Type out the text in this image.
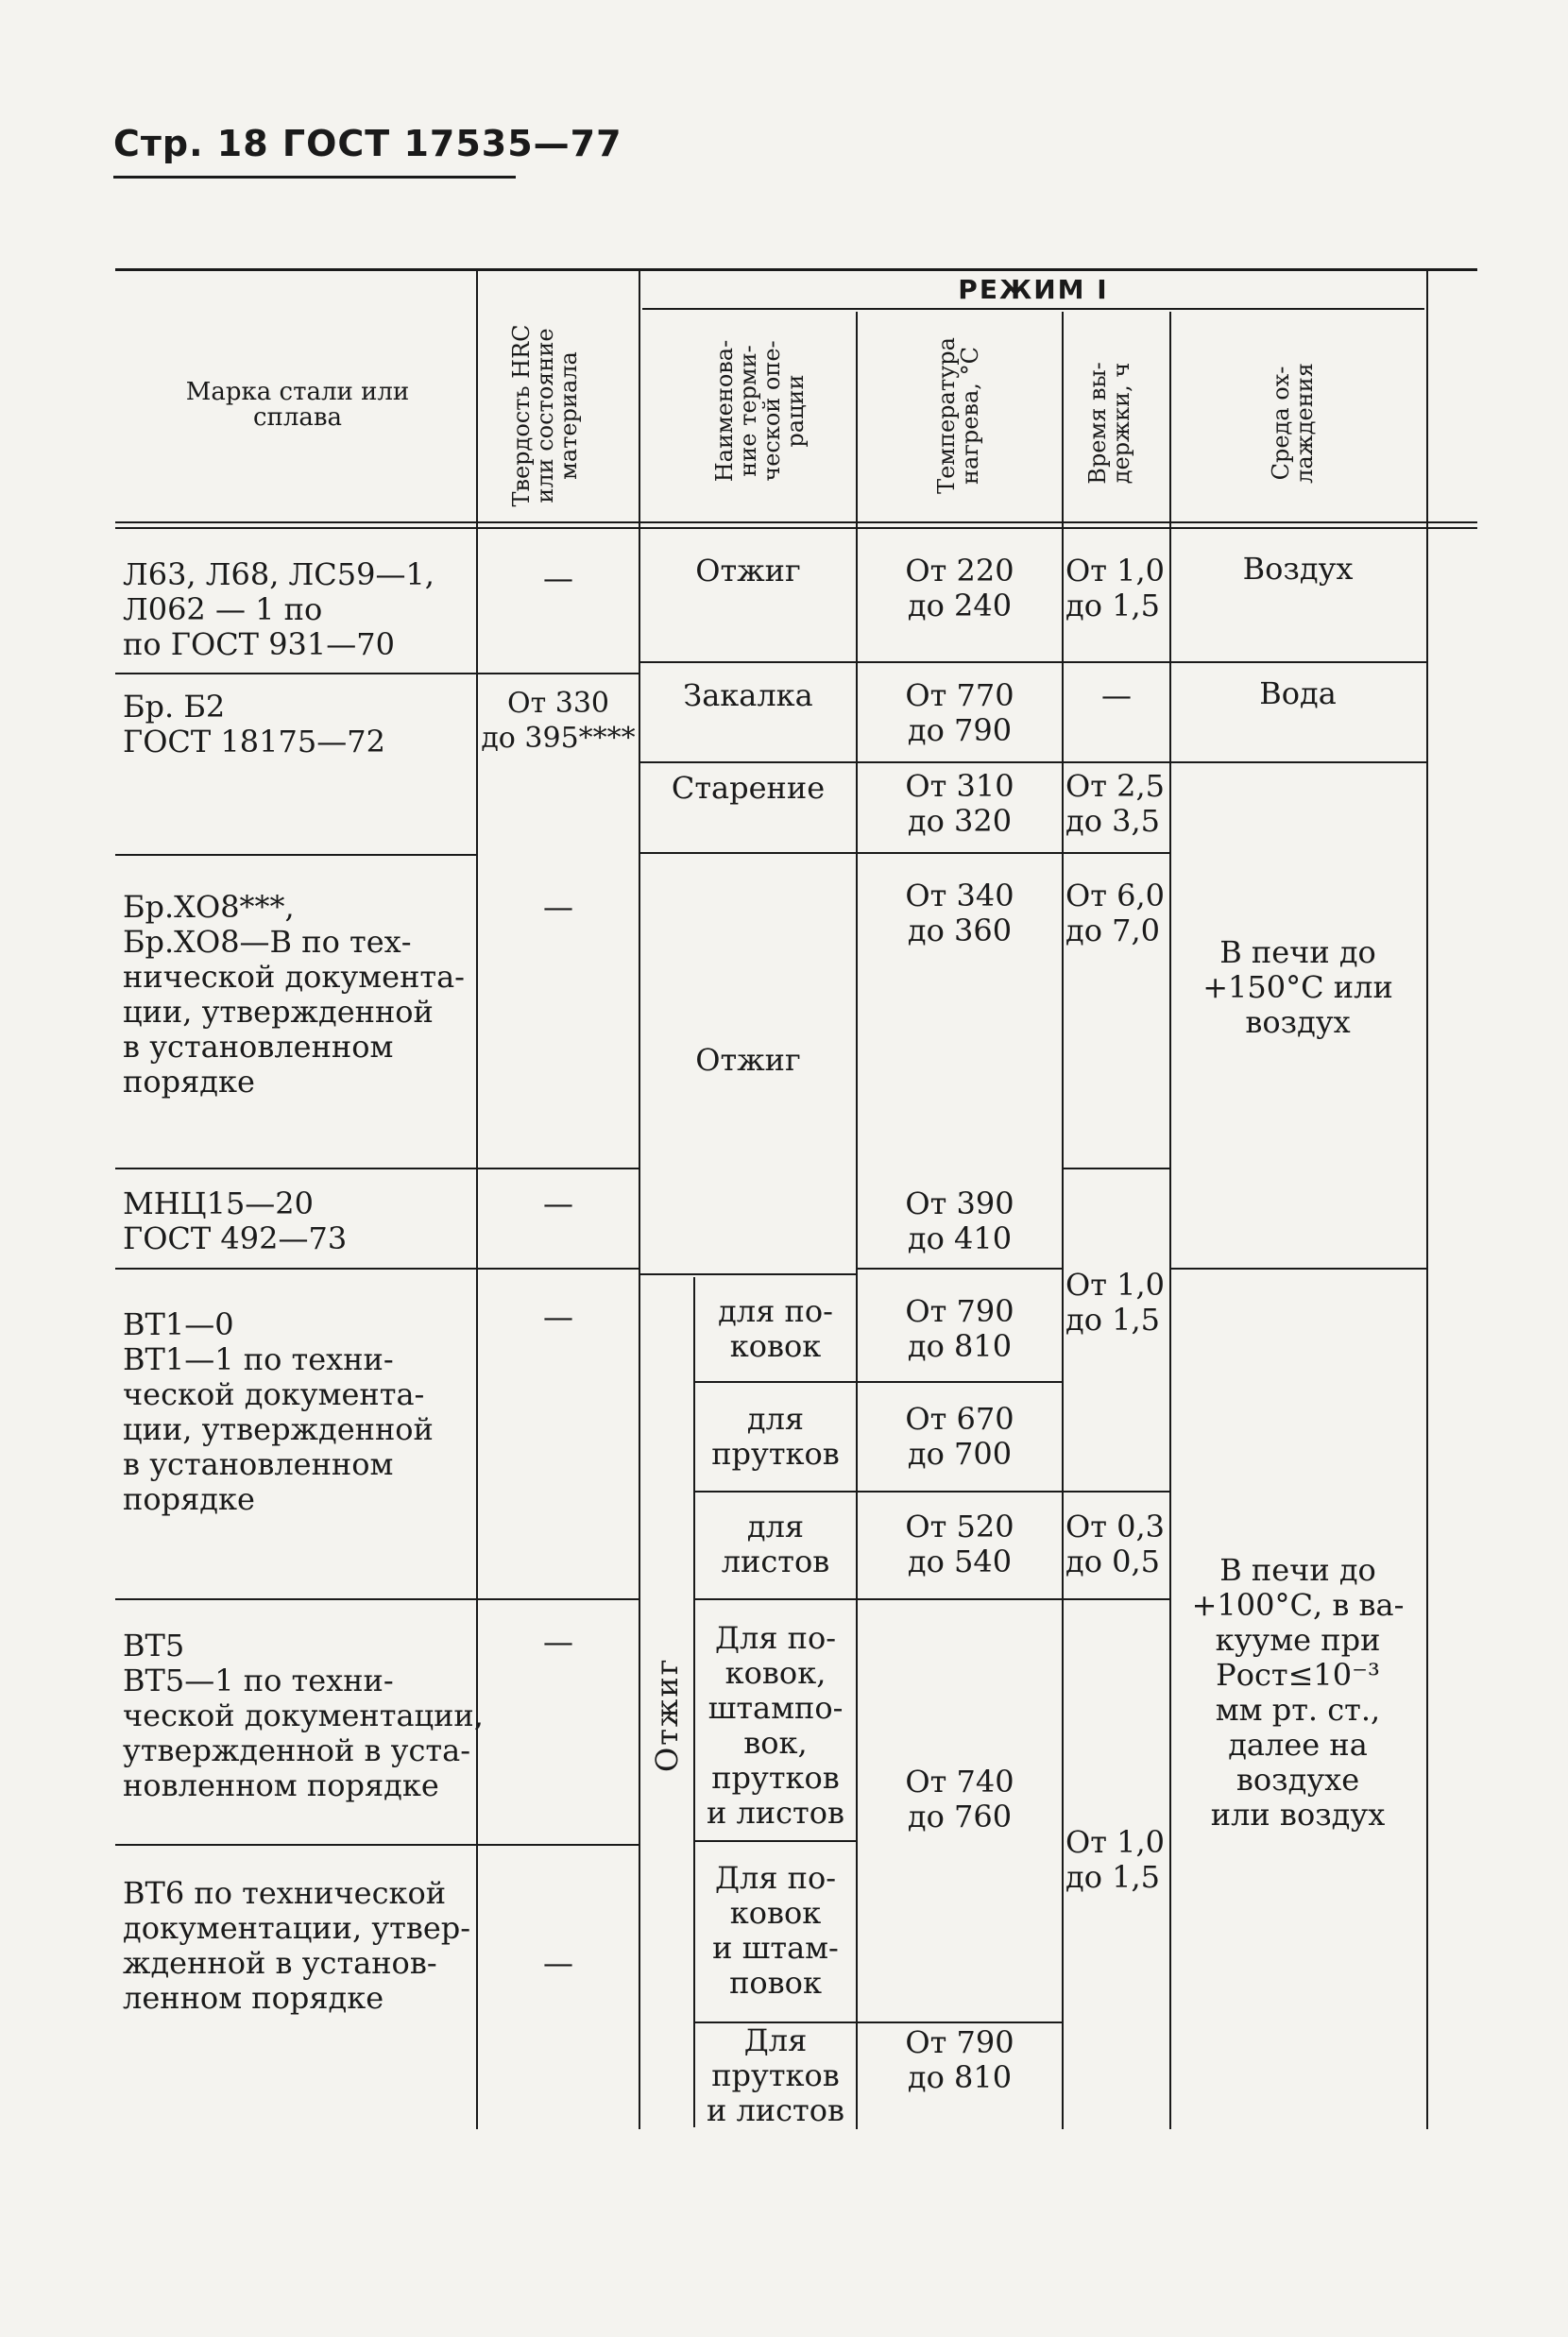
Стр. 18 ГОСТ 17535—77
Марка стали или
сплава	Твердость HRC
или состояние
материала
РЕЖИМ I
Наименова-
ние терми-
ческой опе-
рации	Температура
нагрева, °C
Время вы-
держки, ч
Среда ох-
лаждения
Л63, Л68, ЛС59—1,
Л062 — 1 по
по ГОСТ 931—70
Бр. Б2
ГОСТ 18175—72
Бр.ХО8***,
Бр.ХО8—В по тех-
нической документа-
ции, утвержденной
в установленном
порядке
МНЦ15—20
ГОСТ 492—73
ВТ1—0
ВТ1—1 по техни-
ческой документа-
ции, утвержденной
в установленном
порядке
ВТ5
ВТ5—1 по техни-
ческой документации,
утвержденной в уста-
новленном порядке
ВТ6 по технической
документации, утвер-
жденной в установ-
ленном порядке
—
От 330
до 395****
—
—
—
—
—
Отжиг
Закалка
Старение
Отжиг
Отжиг
для по-
ковок
для
прутков
для
листов
Для по-
ковок,
штампо-
вок,
прутков
и листов
Для по-
ковок
и штам-
повок
Для
прутков
и листов
От 220
до 240
От 770
до 790
От 310
до 320
От 340
до 360
От 390
до 410
От 790
до 810
От 670
до 700
От 520
до 540
От 740
до 760
От 790
до 810
От 1,0
до 1,5
—
От 2,5
до 3,5
От 6,0
до 7,0
От 1,0
до 1,5
От 0,3
до 0,5
От 1,0
до 1,5
Воздух
Вода
В печи до
+150°С или
воздух
В печи до
+100°С, в ва-
кууме при
Pост≤10⁻³
мм рт. ст.,
далее на
воздухе
или воздух
